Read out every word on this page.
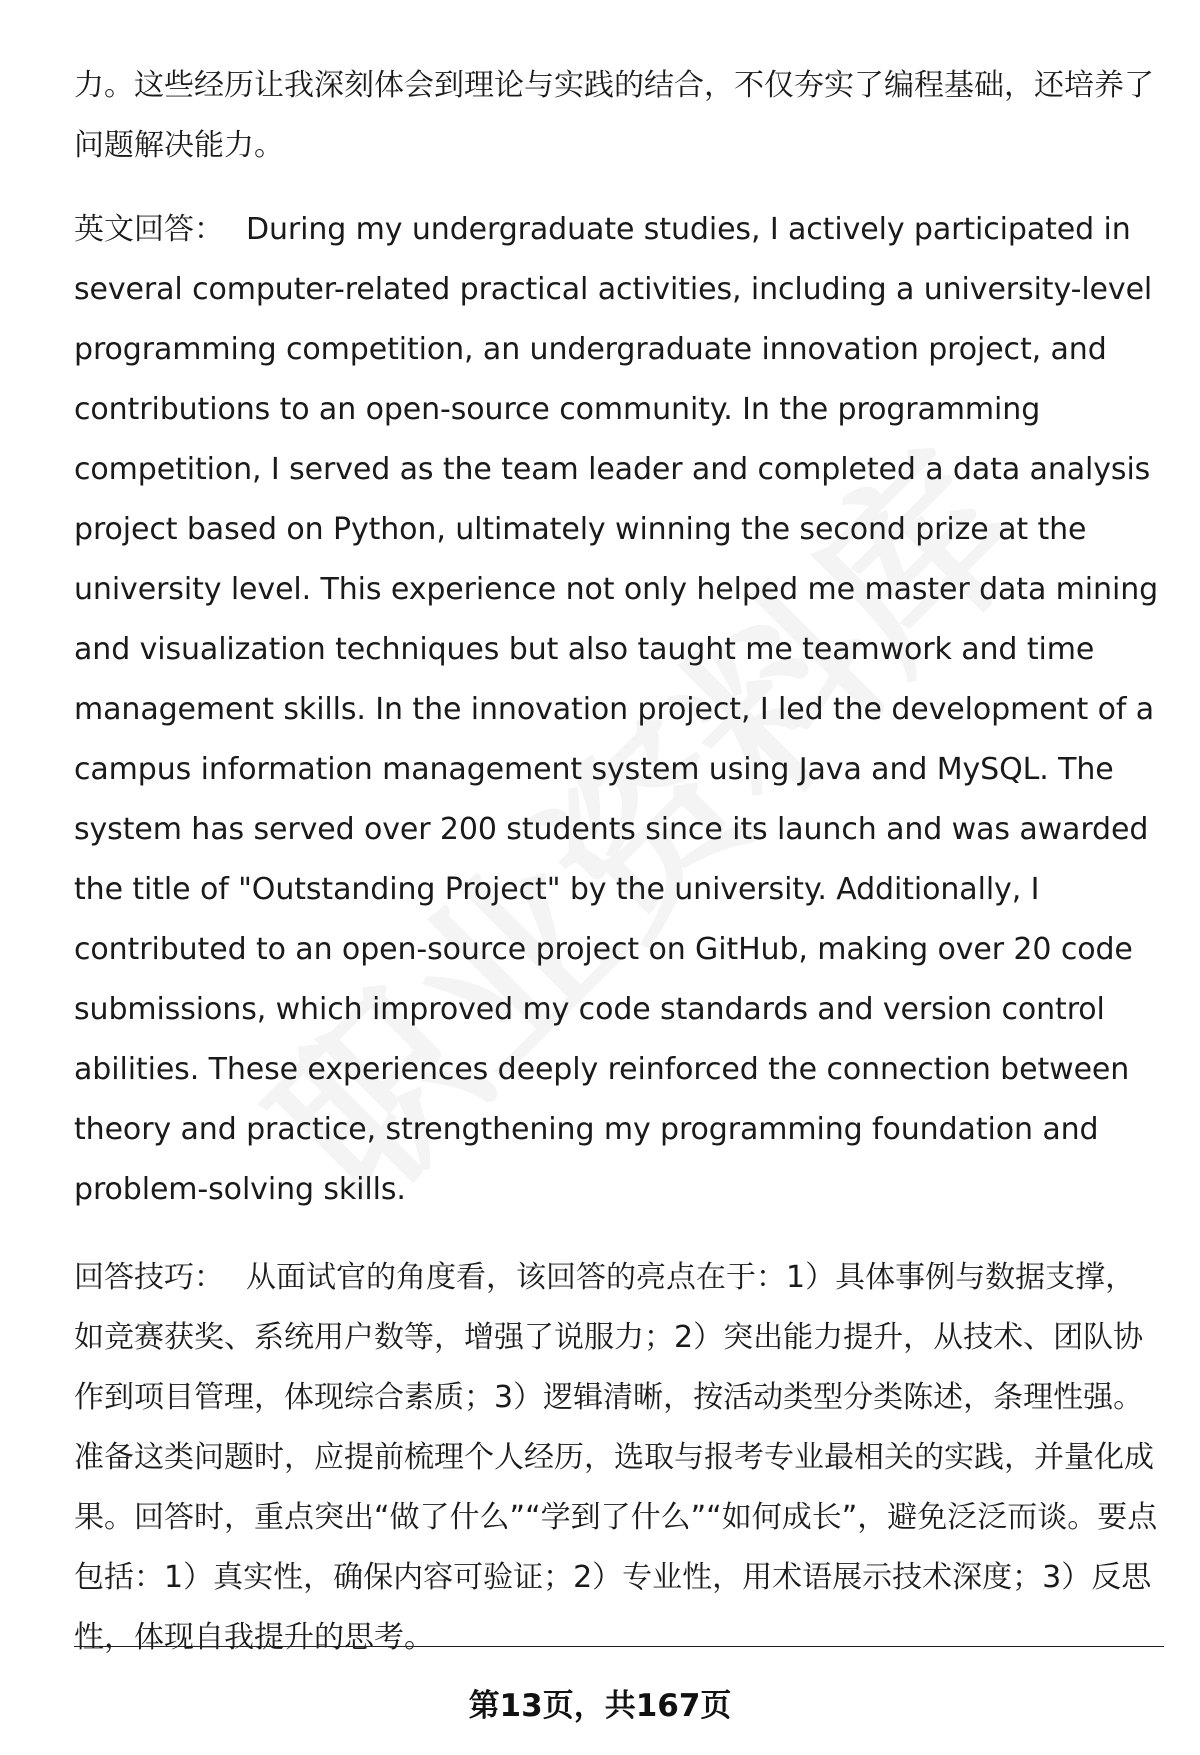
力。这些经历让我深刻体会到理论与实践的结合，不仅夯实了编程基础，还培养了问题解决能力。

英文回答： During my undergraduate studies, I actively participated in several computer-related practical activities, including a university-level programming competition, an undergraduate innovation project, and contributions to an open-source community. In the programming competition, I served as the team leader and completed a data analysis project based on Python, ultimately winning the second prize at the university level. This experience not only helped me master data mining and visualization techniques but also taught me teamwork and time management skills. In the innovation project, I led the development of a campus information management system using Java and MySQL. The system has served over 200 students since its launch and was awarded the title of "Outstanding Project" by the university. Additionally, I contributed to an open-source project on GitHub, making over 20 code submissions, which improved my code standards and version control abilities. These experiences deeply reinforced the connection between theory and practice, strengthening my programming foundation and problem-solving skills.

回答技巧： 从面试官的角度看，该回答的亮点在于：1）具体事例与数据支撑，如竞赛获奖、系统用户数等，增强了说服力；2）突出能力提升，从技术、团队协作到项目管理，体现综合素质；3）逻辑清晰，按活动类型分类陈述，条理性强。准备这类问题时，应提前梳理个人经历，选取与报考专业最相关的实践，并量化成果。回答时，重点突出“做了什么”“学到了什么”“如何成长”，避免泛泛而谈。要点包括：1）真实性，确保内容可验证；2）专业性，用术语展示技术深度；3）反思性，体现自我提升的思考。

第13页，共167页
